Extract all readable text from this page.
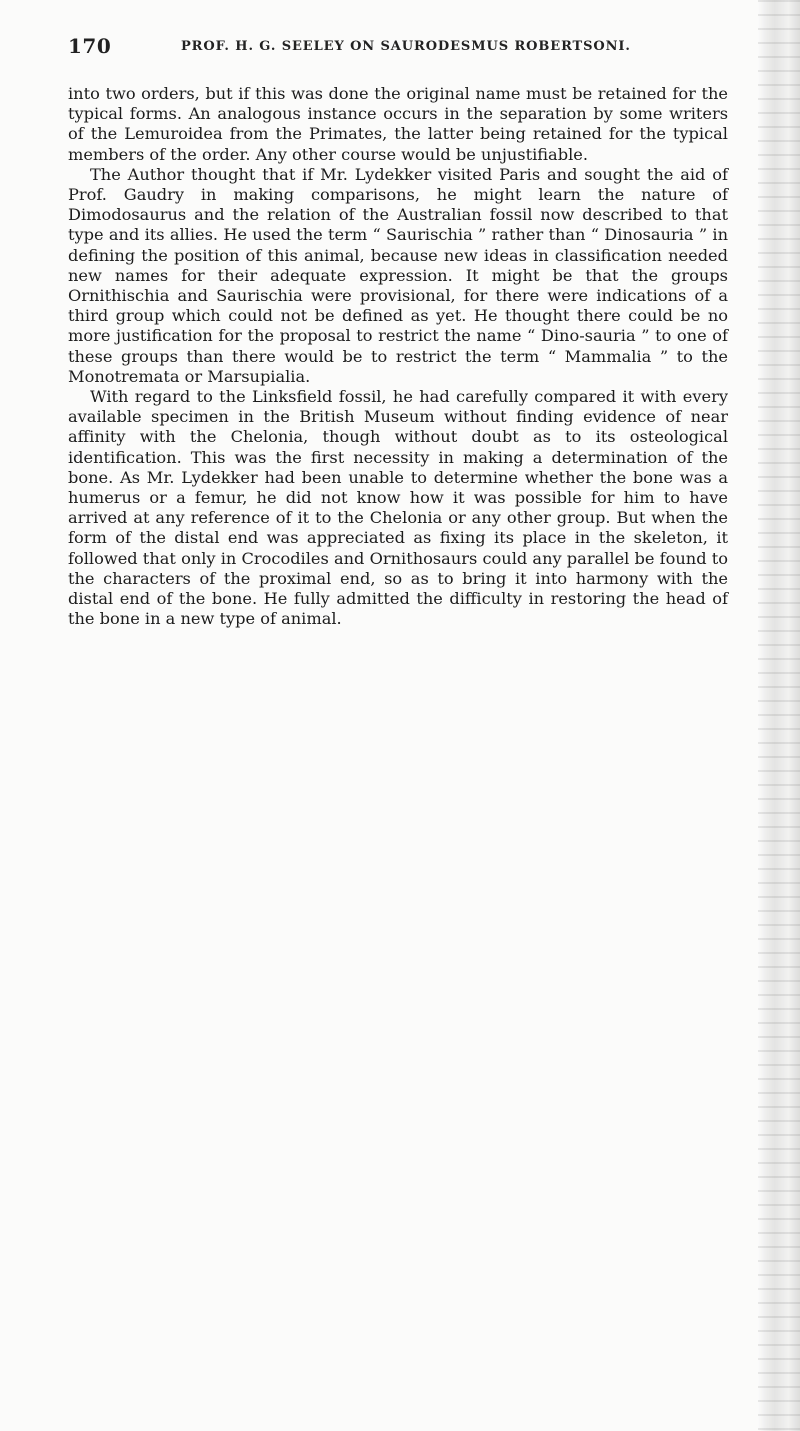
170	PROF. H. G. SEELEY ON SAURODESMUS ROBERTSONI.

into two orders, but if this was done the original name must be retained for the typical forms. An analogous instance occurs in the separation by some writers of the Lemuroidea from the Primates, the latter being retained for the typical members of the order. Any other course would be unjustifiable.

The Author thought that if Mr. Lydekker visited Paris and sought the aid of Prof. Gaudry in making comparisons, he might learn the nature of Dimodosaurus and the relation of the Australian fossil now described to that type and its allies. He used the term “ Saurischia ” rather than “ Dinosauria ” in defining the position of this animal, because new ideas in classification needed new names for their adequate expression. It might be that the groups Ornithischia and Saurischia were provisional, for there were indications of a third group which could not be defined as yet. He thought there could be no more justification for the proposal to restrict the name “ Dino-sauria ” to one of these groups than there would be to restrict the term “ Mammalia ” to the Monotremata or Marsupialia.

With regard to the Linksfield fossil, he had carefully compared it with every available specimen in the British Museum without finding evidence of near affinity with the Chelonia, though without doubt as to its osteological identification. This was the first necessity in making a determination of the bone. As Mr. Lydekker had been unable to determine whether the bone was a humerus or a femur, he did not know how it was possible for him to have arrived at any reference of it to the Chelonia or any other group. But when the form of the distal end was appreciated as fixing its place in the skeleton, it followed that only in Crocodiles and Ornithosaurs could any parallel be found to the characters of the proximal end, so as to bring it into harmony with the distal end of the bone. He fully admitted the difficulty in restoring the head of the bone in a new type of animal.
